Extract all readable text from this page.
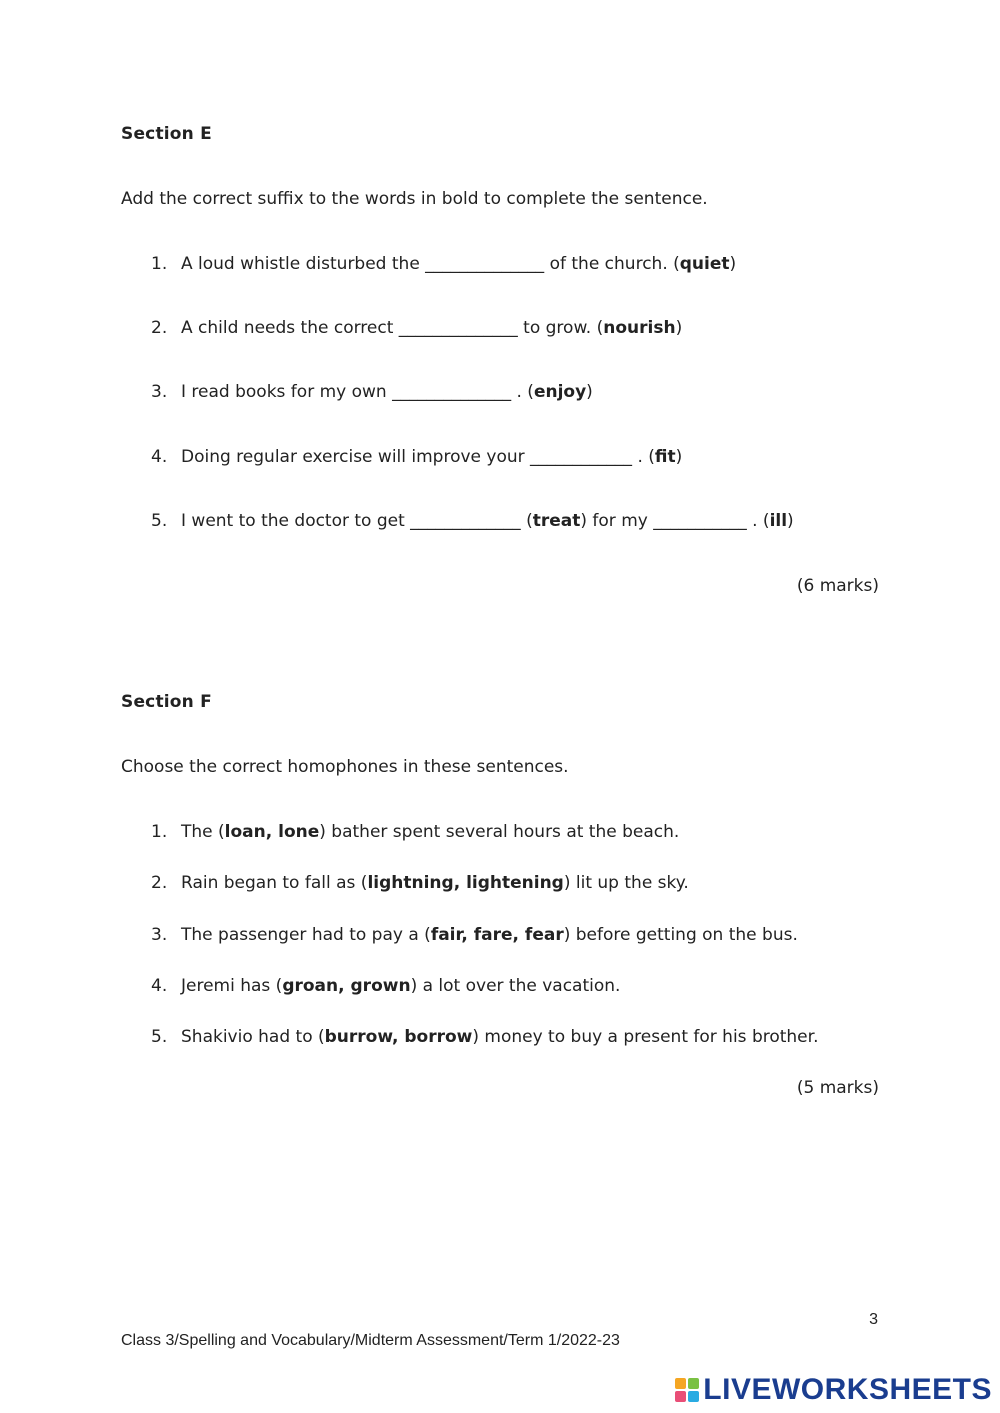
Section E
Add the correct suffix to the words in bold to complete the sentence.
1. A loud whistle disturbed the ______________ of the church. ( quiet )
2. A child needs the correct ______________ to grow. ( nourish )
3. I read books for my own ______________ . ( enjoy )
4. Doing regular exercise will improve your ____________ . ( fit )
5. I went to the doctor to get _____________ ( treat ) for my ___________ . ( ill )
(6 marks)
Section F
Choose the correct homophones in these sentences.
1. The ( loan, lone ) bather spent several hours at the beach.
2. Rain began to fall as ( lightning, lightening ) lit up the sky.
3. The passenger had to pay a ( fair, fare, fear ) before getting on the bus.
4. Jeremi has ( groan, grown ) a lot over the vacation.
5. Shakivio had to ( burrow, borrow ) money to buy a present for his brother.
(5 marks)
3
Class 3/Spelling and Vocabulary/Midterm Assessment/Term 1/2022-23
LIVEWORKSHEETS
